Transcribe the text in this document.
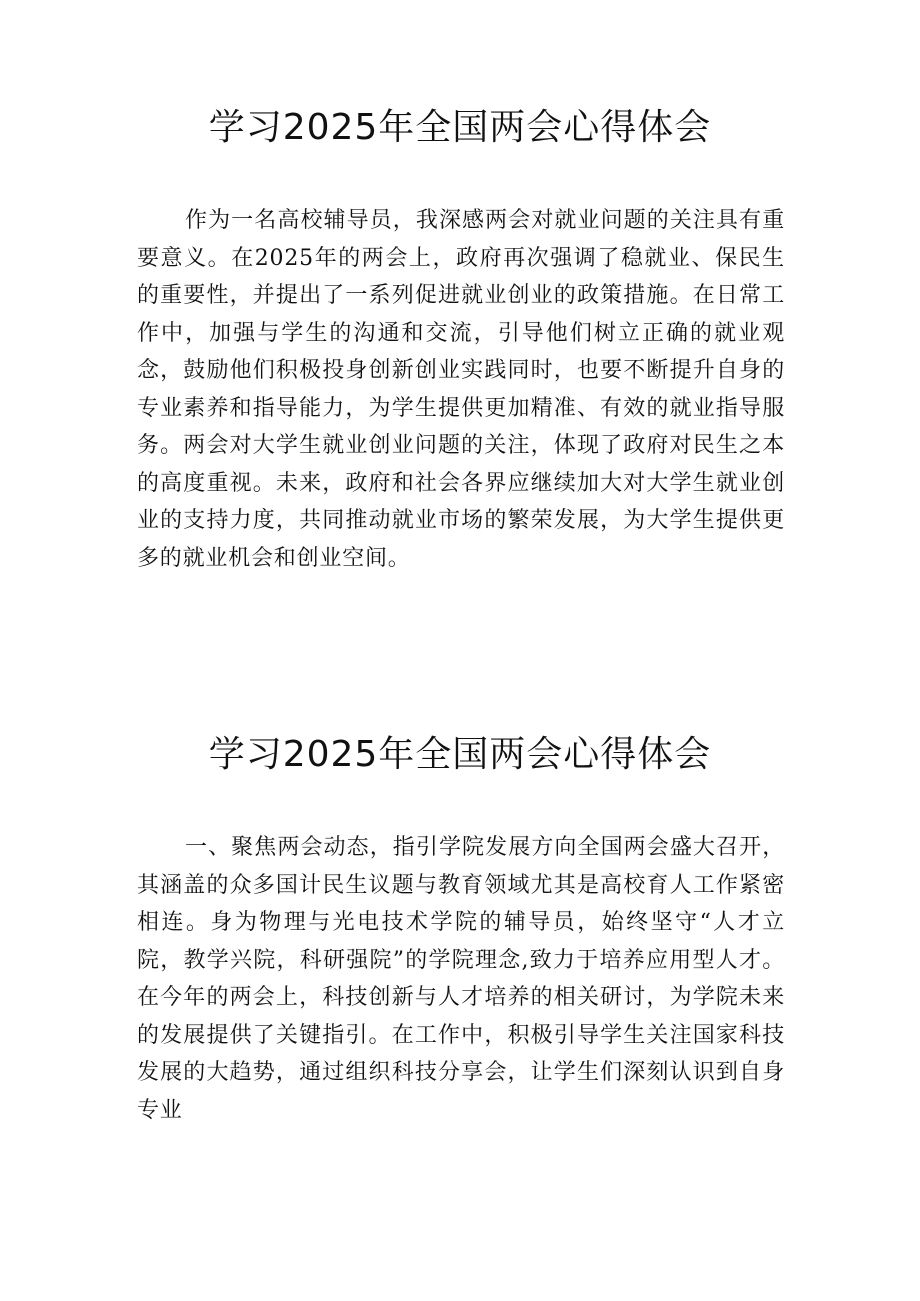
学习2025年全国两会心得体会

作为一名高校辅导员，我深感两会对就业问题的关注具有重要意义。在2025年的两会上，政府再次强调了稳就业、保民生的重要性，并提出了一系列促进就业创业的政策措施。在日常工作中，加强与学生的沟通和交流，引导他们树立正确的就业观念，鼓励他们积极投身创新创业实践同时，也要不断提升自身的专业素养和指导能力，为学生提供更加精准、有效的就业指导服务。两会对大学生就业创业问题的关注，体现了政府对民生之本的高度重视。未来，政府和社会各界应继续加大对大学生就业创业的支持力度，共同推动就业市场的繁荣发展，为大学生提供更多的就业机会和创业空间。

学习2025年全国两会心得体会

一、聚焦两会动态，指引学院发展方向全国两会盛大召开，其涵盖的众多国计民生议题与教育领域尤其是高校育人工作紧密相连。身为物理与光电技术学院的辅导员，始终坚守“人才立院，教学兴院，科研强院”的学院理念,致力于培养应用型人才。在今年的两会上，科技创新与人才培养的相关研讨，为学院未来的发展提供了关键指引。在工作中，积极引导学生关注国家科技发展的大趋势，通过组织科技分享会，让学生们深刻认识到自身专业
